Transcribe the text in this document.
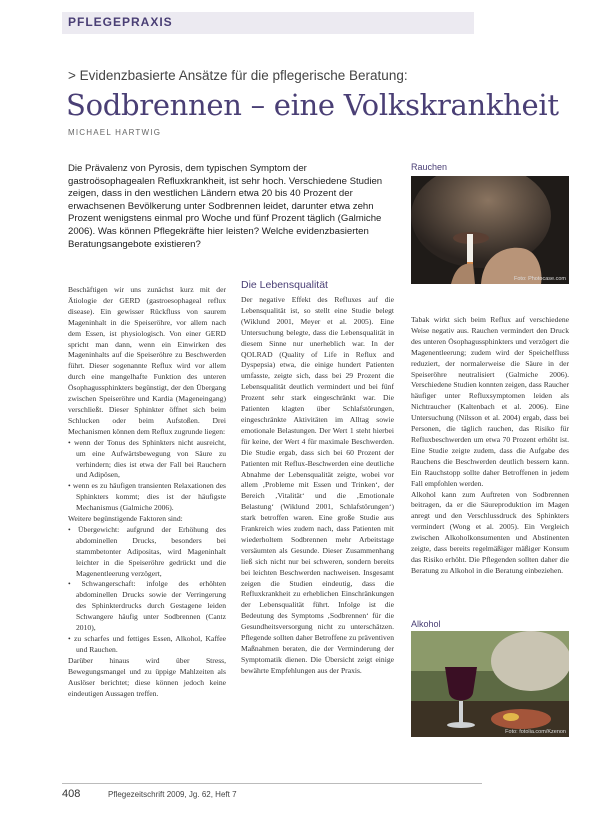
PFLEGEPRAXIS
> Evidenzbasierte Ansätze für die pflegerische Beratung:
Sodbrennen – eine Volkskrankheit
MICHAEL HARTWIG
Die Prävalenz von Pyrosis, dem typischen Symptom der gastroösophagealen Refluxkrankheit, ist sehr hoch. Verschiedene Studien zeigen, dass in den westlichen Ländern etwa 20 bis 40 Prozent der erwachsenen Bevölkerung unter Sodbrennen leidet, darunter etwa zehn Prozent wenigstens einmal pro Woche und fünf Prozent täglich (Galmiche 2006). Was können Pflegekräfte hier leisten? Welche evidenzbasierten Beratungsangebote existieren?

Beschäftigen wir uns zunächst kurz mit der Ätiologie der GERD (gastroesophageal reflux disease). Ein gewisser Rückfluss von saurem Mageninhalt in die Speiseröhre, vor allem nach dem Essen, ist physiologisch. Von einer GERD spricht man dann, wenn ein Einwirken des Mageninhalts auf die Speiseröhre zu Beschwerden führt. Dieser sogenannte Reflux wird vor allem durch eine mangelhafte Funktion des unteren Ösophagussphinkters begünstigt, der den Übergang zwischen Speiseröhre und Kardia (Mageneingang) verschließt. Dieser Sphinkter öffnet sich beim Schlucken oder beim Aufstoßen. Drei Mechanismen können dem Reflux zugrunde liegen:

• wenn der Tonus des Sphinkters nicht ausreicht, um eine Aufwärtsbewegung von Säure zu verhindern; dies ist etwa der Fall bei Rauchern und Adipösen,

• wenn es zu häufigen transienten Relaxationen des Sphinkters kommt; dies ist der häufigste Mechanismus (Galmiche 2006).

Weitere begünstigende Faktoren sind:

• Übergewicht: aufgrund der Erhöhung des abdominellen Drucks, besonders bei stammbetonter Adipositas, wird Mageninhalt leichter in die Speiseröhre gedrückt und die Magenentleerung verzögert,

• Schwangerschaft: infolge des erhöhten abdominellen Drucks sowie der Verringerung des Sphinkterdrucks durch Gestagene leiden Schwangere häufig unter Sodbrennen (Cantz 2010),

• zu scharfes und fettiges Essen, Alkohol, Kaffee und Rauchen.

Darüber hinaus wird über Stress, Bewegungsmangel und zu üppige Mahlzeiten als Auslöser berichtet; diese können jedoch keine eindeutigen Aussagen treffen.

Die Lebensqualität

Der negative Effekt des Refluxes auf die Lebensqualität ist, so stellt eine Studie belegt (Wiklund 2001, Meyer et al. 2005). Eine Untersuchung belegte, dass die Lebensqualität in diesem Sinne nur unerheblich war. In der QOLRAD (Quality of Life in Reflux and Dyspepsia) etwa, die einige hundert Patienten umfasste, zeigte sich, dass bei 29 Prozent die Lebensqualität deutlich vermindert und bei fünf Prozent sehr stark eingeschränkt war. Die Patienten klagten über Schlafstörungen, eingeschränkte Aktivitäten im Alltag sowie emotionale Belastungen. Der Wert 1 steht hierbei für keine, der Wert 4 für maximale Beschwerden. Die Studie ergab, dass sich bei 60 Prozent der Patienten mit Reflux-Beschwerden eine deutliche Abnahme der Lebensqualität zeigte, wobei vor allem ‚Probleme mit Essen und Trinken‘, der Bereich ‚Vitalität‘ und die ‚Emotionale Belastung‘ (Wiklund 2001, Schlafstörungen‘) stark betroffen waren. Eine große Studie aus Frankreich wies zudem nach, dass Patienten mit wiederholtem Sodbrennen mehr Arbeitstage versäumten als Gesunde. Dieser Zusammenhang ließ sich nicht nur bei schweren, sondern bereits bei leichten Beschwerden nachweisen. Insgesamt zeigen die Studien eindeutig, dass die Refluxkrankheit zu erheblichen Einschränkungen der Lebensqualität führt. Infolge ist die Bedeutung des Symptoms ‚Sodbrennen‘ für die Gesundheitsversorgung nicht zu unterschätzen. Pflegende sollten daher Betroffene zu präventiven Maßnahmen beraten, die der Verminderung der Symptomatik dienen. Die Übersicht zeigt einige bewährte Empfehlungen aus der Praxis.

Rauchen
Foto: Photocase.com

Tabak wirkt sich beim Reflux auf verschiedene Weise negativ aus. Rauchen vermindert den Druck des unteren Ösophagussphinkters und verzögert die Magenentleerung; zudem wird der Speichelfluss reduziert, der normalerweise die Säure in der Speiseröhre neutralisiert (Galmiche 2006). Verschiedene Studien konnten zeigen, dass Raucher häufiger unter Refluxsymptomen leiden als Nichtraucher (Kaltenbach et al. 2006). Eine Untersuchung (Nilsson et al. 2004) ergab, dass bei Personen, die täglich rauchen, das Risiko für Refluxbeschwerden um etwa 70 Prozent erhöht ist. Eine Studie zeigte zudem, dass die Aufgabe des Rauchens die Beschwerden deutlich bessern kann. Ein Rauchstopp sollte daher Betroffenen in jedem Fall empfohlen werden.

Alkohol kann zum Auftreten von Sodbrennen beitragen, da er die Säureproduktion im Magen anregt und den Verschlussdruck des Sphinkters vermindert (Wong et al. 2005). Ein Vergleich zwischen Alkoholkonsumenten und Abstinenten zeigte, dass bereits regelmäßiger mäßiger Konsum das Risiko erhöht. Die Pflegenden sollten daher die Beratung zu Alkohol in die Beratung einbeziehen.

Alkohol
Foto: fotolia.com/Kzenon
408	Pflegezeitschrift 2009, Jg. 62, Heft 7
